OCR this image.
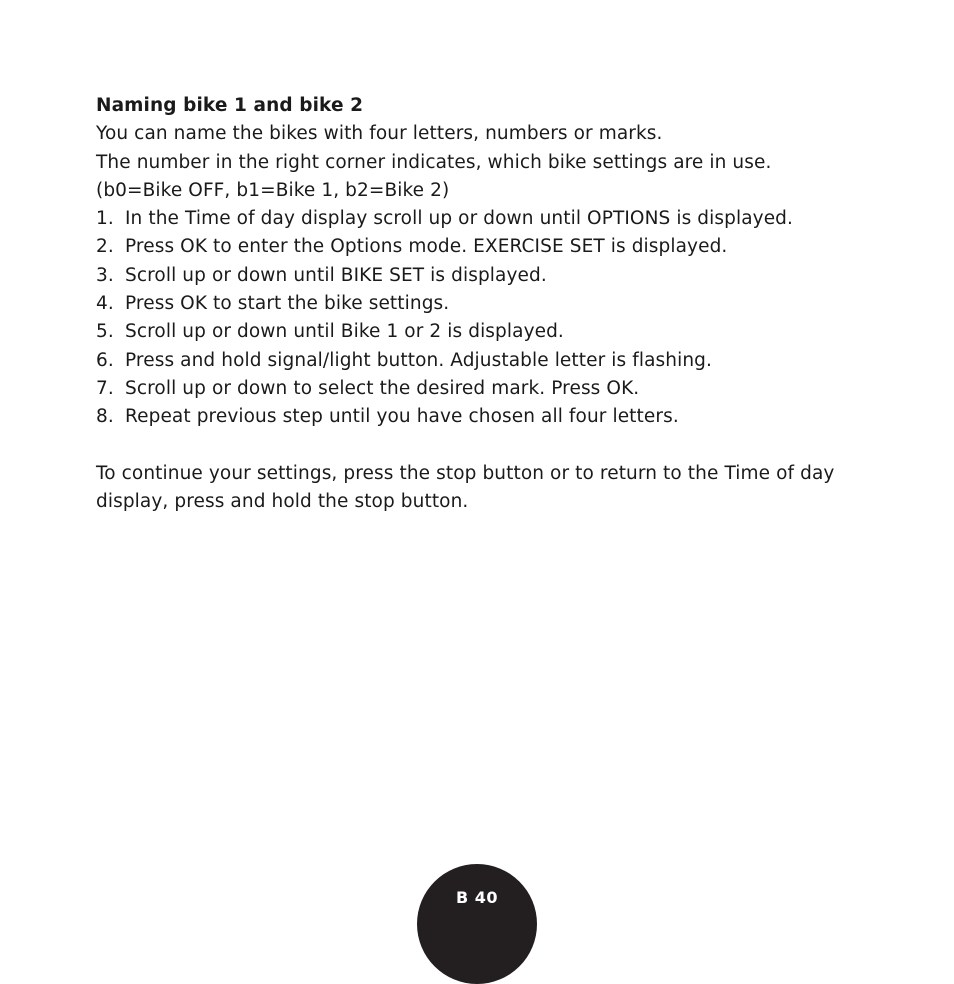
Naming bike 1 and bike 2

You can name the bikes with four letters, numbers or marks.

The number in the right corner indicates, which bike settings are in use.

(b0=Bike OFF, b1=Bike 1, b2=Bike 2)

1. In the Time of day display scroll up or down until OPTIONS is displayed.
2. Press OK to enter the Options mode. EXERCISE SET is displayed.
3. Scroll up or down until BIKE SET is displayed.
4. Press OK to start the bike settings.
5. Scroll up or down until Bike 1 or 2 is displayed.
6. Press and hold signal/light button. Adjustable letter is flashing.
7. Scroll up or down to select the desired mark. Press OK.
8. Repeat previous step until you have chosen all four letters.

To continue your settings, press the stop button or to return to the Time of day display, press and hold the stop button.

B 40
